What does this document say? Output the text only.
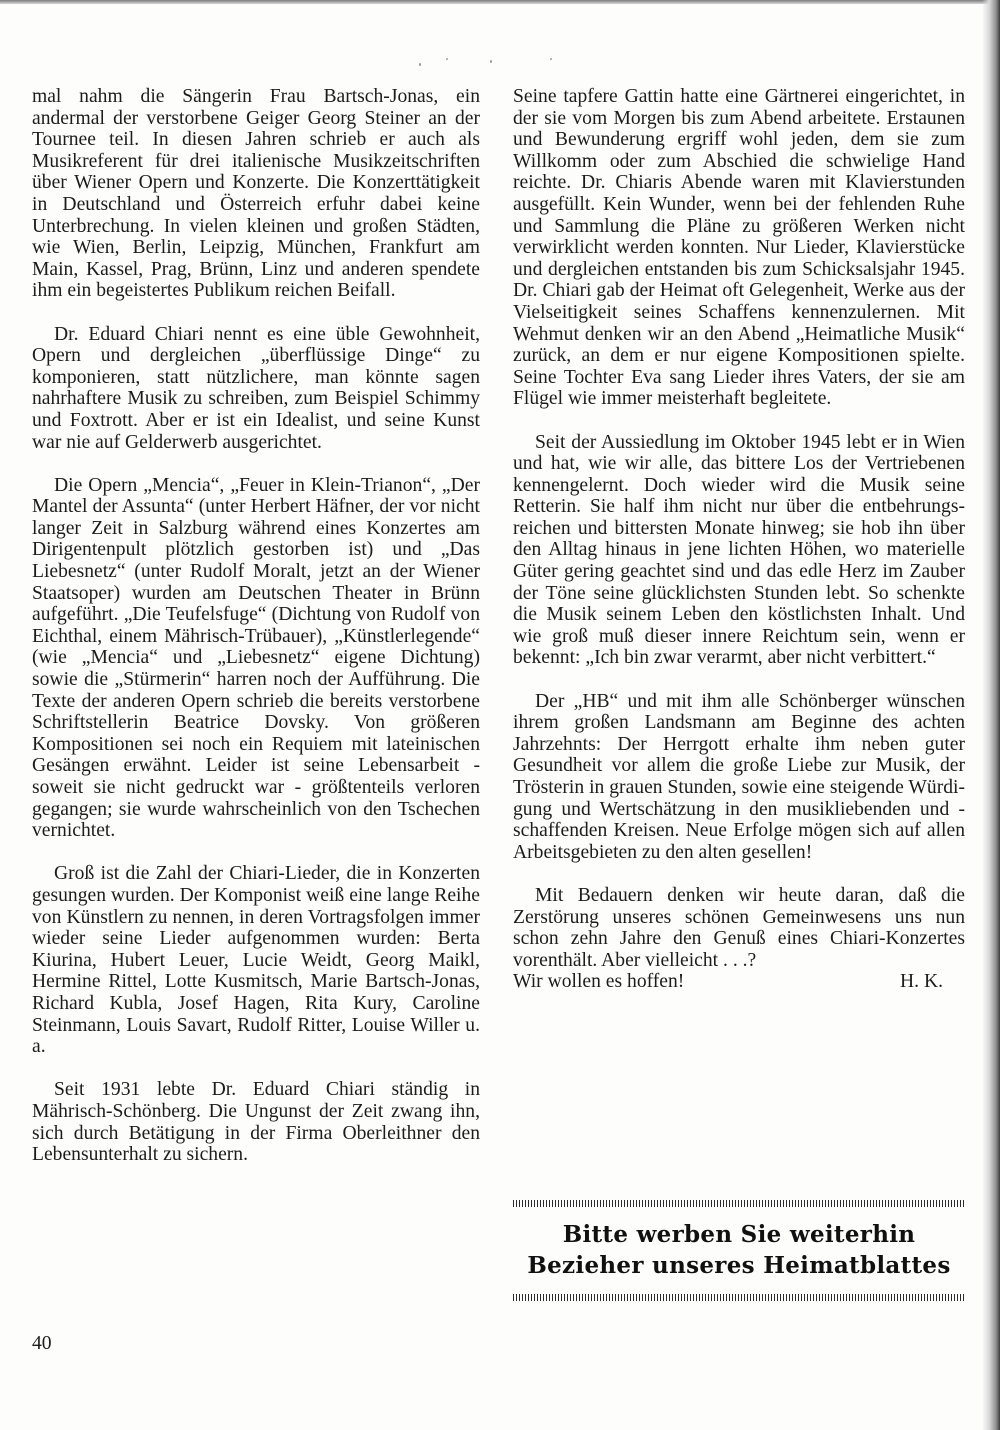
mal nahm die Sängerin Frau Bartsch-Jonas, ein andermal der verstorbene Geiger Georg Steiner an der Tournee teil. In diesen Jahren schrieb er auch als Musikreferent für drei italienische Musikzeitschriften über Wiener Opern und Konzerte. Die Konzerttätigkeit in Deutschland und Österreich erfuhr dabei keine Unterbrechung. In vielen kleinen und großen Städten, wie Wien, Berlin, Leipzig, München, Frankfurt am Main, Kassel, Prag, Brünn, Linz und anderen spendete ihm ein begeistertes Publikum reichen Beifall.

Dr. Eduard Chiari nennt es eine üble Gewohnheit, Opern und dergleichen „überflüssige Dinge“ zu komponieren, statt nützlichere, man könnte sagen nahrhaftere Musik zu schreiben, zum Beispiel Schimmy und Foxtrott. Aber er ist ein Idealist, und seine Kunst war nie auf Gelderwerb ausgerichtet.

Die Opern „Mencia“, „Feuer in Klein-Trianon“, „Der Mantel der Assunta“ (unter Herbert Häfner, der vor nicht langer Zeit in Salzburg während eines Konzertes am Dirigentenpult plötzlich gestorben ist) und „Das Liebesnetz“ (unter Rudolf Moralt, jetzt an der Wiener Staatsoper) wurden am Deutschen Theater in Brünn aufgeführt. „Die Teufelsfuge“ (Dichtung von Rudolf von Eichthal, einem Mährisch-Trübauer), „Künstlerlegende“ (wie „Mencia“ und „Liebesnetz“ eigene Dichtung) sowie die „Stürmerin“ harren noch der Aufführung. Die Texte der anderen Opern schrieb die bereits verstorbene Schriftstellerin Beatrice Dovsky. Von größeren Kompositionen sei noch ein Requiem mit lateinischen Gesängen erwähnt. Leider ist seine Lebensarbeit - soweit sie nicht gedruckt war - größtenteils verloren gegangen; sie wurde wahrscheinlich von den Tschechen vernichtet.

Groß ist die Zahl der Chiari-Lieder, die in Konzerten gesungen wurden. Der Komponist weiß eine lange Reihe von Künstlern zu nennen, in deren Vortragsfolgen immer wieder seine Lieder aufgenommen wurden: Berta Kiurina, Hubert Leuer, Lucie Weidt, Georg Maikl, Hermine Rittel, Lotte Kusmitsch, Marie Bartsch-Jonas, Richard Kubla, Josef Hagen, Rita Kury, Caroline Steinmann, Louis Savart, Rudolf Ritter, Louise Willer u. a.

Seit 1931 lebte Dr. Eduard Chiari ständig in Mährisch-Schönberg. Die Ungunst der Zeit zwang ihn, sich durch Betätigung in der Firma Oberleithner den Lebensunterhalt zu sichern.

Seine tapfere Gattin hatte eine Gärtnerei eingerichtet, in der sie vom Morgen bis zum Abend arbeitete. Erstaunen und Bewunderung ergriff wohl jeden, dem sie zum Willkomm oder zum Abschied die schwielige Hand reichte. Dr. Chiaris Abende waren mit Klavierstunden ausgefüllt. Kein Wunder, wenn bei der fehlenden Ruhe und Sammlung die Pläne zu größeren Werken nicht verwirklicht werden konnten. Nur Lieder, Klavierstücke und dergleichen entstanden bis zum Schicksalsjahr 1945. Dr. Chiari gab der Heimat oft Gelegenheit, Werke aus der Vielseitigkeit seines Schaffens kennenzulernen. Mit Wehmut denken wir an den Abend „Heimatliche Musik“ zurück, an dem er nur eigene Kompositionen spielte. Seine Tochter Eva sang Lieder ihres Vaters, der sie am Flügel wie immer meisterhaft begleitete.

Seit der Aussiedlung im Oktober 1945 lebt er in Wien und hat, wie wir alle, das bittere Los der Vertriebenen kennengelernt. Doch wieder wird die Musik seine Retterin. Sie half ihm nicht nur über die entbehrungsreichen und bittersten Monate hinweg; sie hob ihn über den Alltag hinaus in jene lichten Höhen, wo materielle Güter gering geachtet sind und das edle Herz im Zauber der Töne seine glücklichsten Stunden lebt. So schenkte die Musik seinem Leben den köstlichsten Inhalt. Und wie groß muß dieser innere Reichtum sein, wenn er bekennt: „Ich bin zwar verarmt, aber nicht verbittert.“

Der „HB“ und mit ihm alle Schönberger wünschen ihrem großen Landsmann am Beginne des achten Jahrzehnts: Der Herrgott erhalte ihm neben guter Gesundheit vor allem die große Liebe zur Musik, der Trösterin in grauen Stunden, sowie eine steigende Würdigung und Wertschätzung in den musikliebenden und -schaffenden Kreisen. Neue Erfolge mögen sich auf allen Arbeitsgebieten zu den alten gesellen!

Mit Bedauern denken wir heute daran, daß die Zerstörung unseres schönen Gemeinwesens uns nun schon zehn Jahre den Genuß eines Chiari-Konzertes vorenthält. Aber vielleicht . . .?

Wir wollen es hoffen!	H. K.
Bitte werben Sie weiterhin
Bezieher unseres Heimatblattes
40
